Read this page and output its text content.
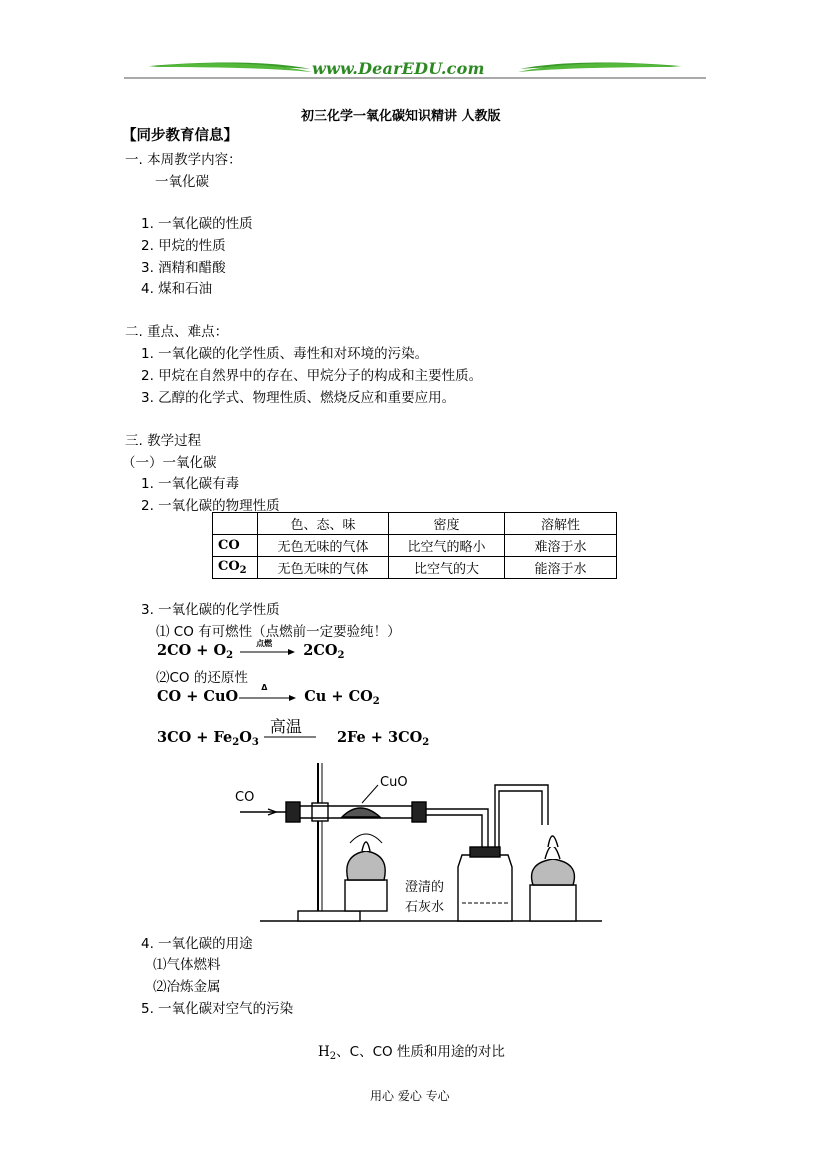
www.DearEDU.com
初三化学一氧化碳知识精讲 人教版
【同步教育信息】
一. 本周教学内容：
一氧化碳
1. 一氧化碳的性质
2. 甲烷的性质
3. 酒精和醋酸
4. 煤和石油
二. 重点、难点：
1. 一氧化碳的化学性质、毒性和对环境的污染。
2. 甲烷在自然界中的存在、甲烷分子的构成和主要性质。
3. 乙醇的化学式、物理性质、燃烧反应和重要应用。
三. 教学过程
（一）一氧化碳
1. 一氧化碳有毒
2. 一氧化碳的物理性质
	色、态、味	密度	溶解性
CO	无色无味的气体	比空气的略小	难溶于水
$CO_2$	无色无味的气体	比空气的大	能溶于水
3. 一氧化碳的化学性质
⑴ CO 有可燃性（点燃前一定要验纯！）
$2CO + O_2$
点燃 $2CO_2$
⑵CO 的还原性
CO + CuO
Δ
$Cu + CO_2$
$3CO + Fe_2O_3$
高温
$2Fe + 3CO_2$
CO
CuO
澄清的
石灰水
4. 一氧化碳的用途
⑴气体燃料
⑵冶炼金属
5. 一氧化碳对空气的污染
$H_2$、C、CO 性质和用途的对比
用心 爱心 专心
